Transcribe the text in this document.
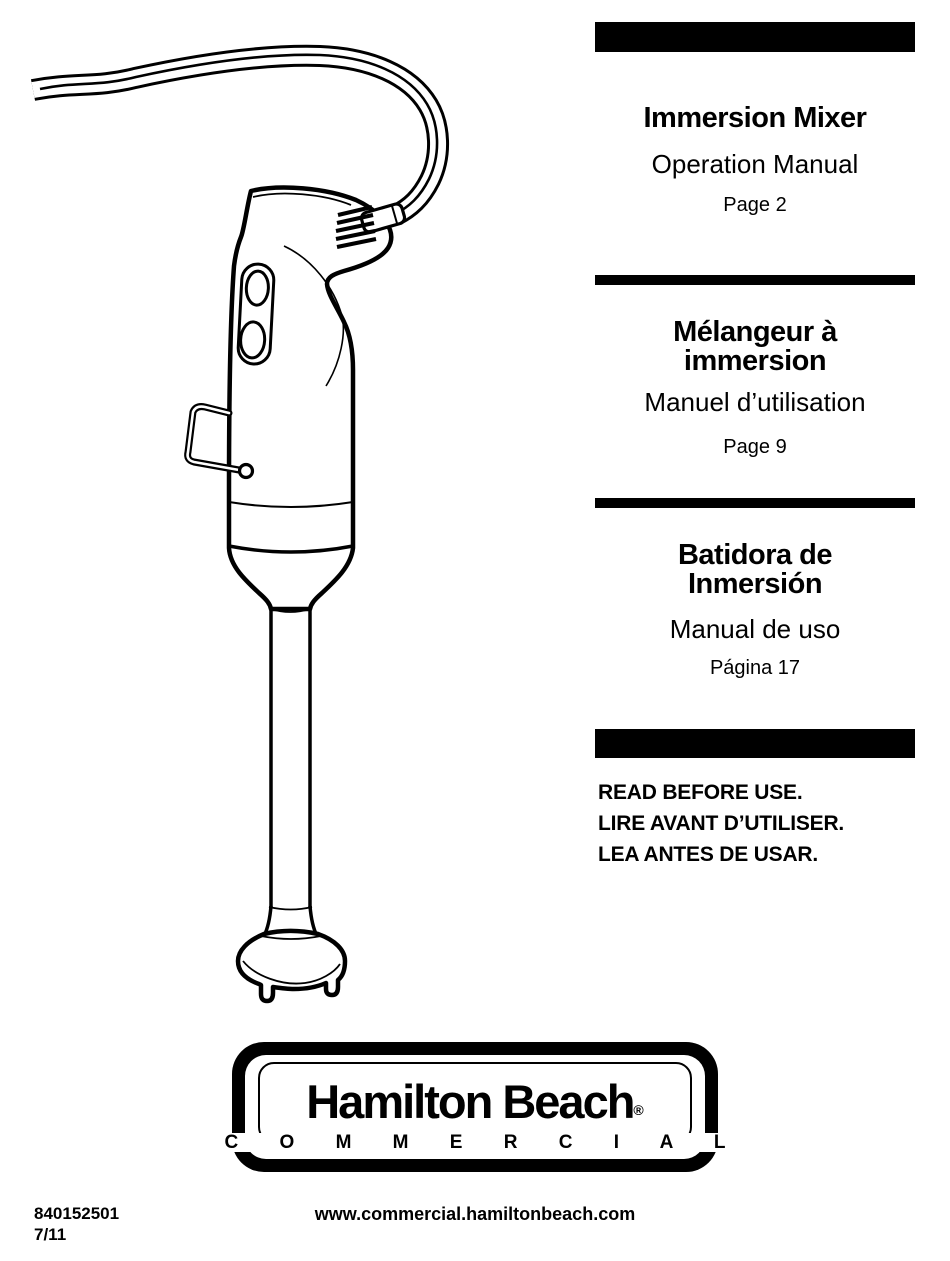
Immersion Mixer
Operation Manual
Page 2
Mélangeur à
immersion
Manuel d’utilisation
Page 9
Batidora de
Inmersión
Manual de uso
Página 17
READ BEFORE USE.
LIRE AVANT D’UTILISER.
LEA ANTES DE USAR.
Hamilton Beach®
C O M M E R C I A L
840152501
7/11
www.commercial.hamiltonbeach.com
